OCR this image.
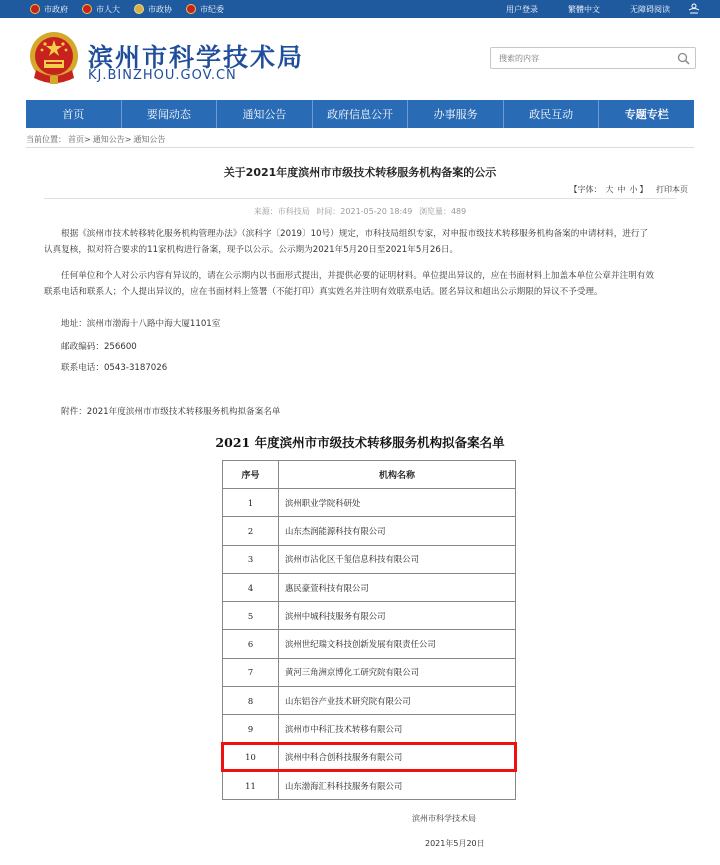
市政府	市人大	市政协	市纪委	用户登录	繁體中文	无障碍阅读
滨州市科学技术局
KJ.BINZHOU.GOV.CN
搜索的内容
首页	要闻动态	通知公告	政府信息公开	办事服务	政民互动	专题专栏
当前位置： 首页> 通知公告> 通知公告
关于2021年度滨州市市级技术转移服务机构备案的公示
【字体： 大 中 小 】 打印本页
来源：市科技局 时间：2021-05-20 18:49 浏览量：489
根据《滨州市技术转移转化服务机构管理办法》（滨科字〔2019〕10号）规定，市科技局组织专家，对申报市级技术转移服务机构备案的申请材料，进行了
认真复核，拟对符合要求的11家机构进行备案，现予以公示。公示期为2021年5月20日至2021年5月26日。
任何单位和个人对公示内容有异议的，请在公示期内以书面形式提出，并提供必要的证明材料。单位提出异议的，应在书面材料上加盖本单位公章并注明有效
联系电话和联系人；个人提出异议的，应在书面材料上签署（不能打印）真实姓名并注明有效联系电话。匿名异议和超出公示期限的异议不予受理。
地址：滨州市渤海十八路中海大厦1101室
邮政编码：256600
联系电话：0543-3187026
附件：2021年度滨州市市级技术转移服务机构拟备案名单
2021 年度滨州市市级技术转移服务机构拟备案名单
序号	机构名称
1	滨州职业学院科研处
2	山东杰润能源科技有限公司
3	滨州市沾化区千玺信息科技有限公司
4	惠民豪萱科技有限公司
5	滨州中城科技服务有限公司
6	滨州世纪瑞文科技创新发展有限责任公司
7	黄河三角洲京博化工研究院有限公司
8	山东铝谷产业技术研究院有限公司
9	滨州市中科汇技术转移有限公司
10	滨州中科合创科技服务有限公司
11	山东渤海汇科科技服务有限公司
滨州市科学技术局
2021年5月20日
